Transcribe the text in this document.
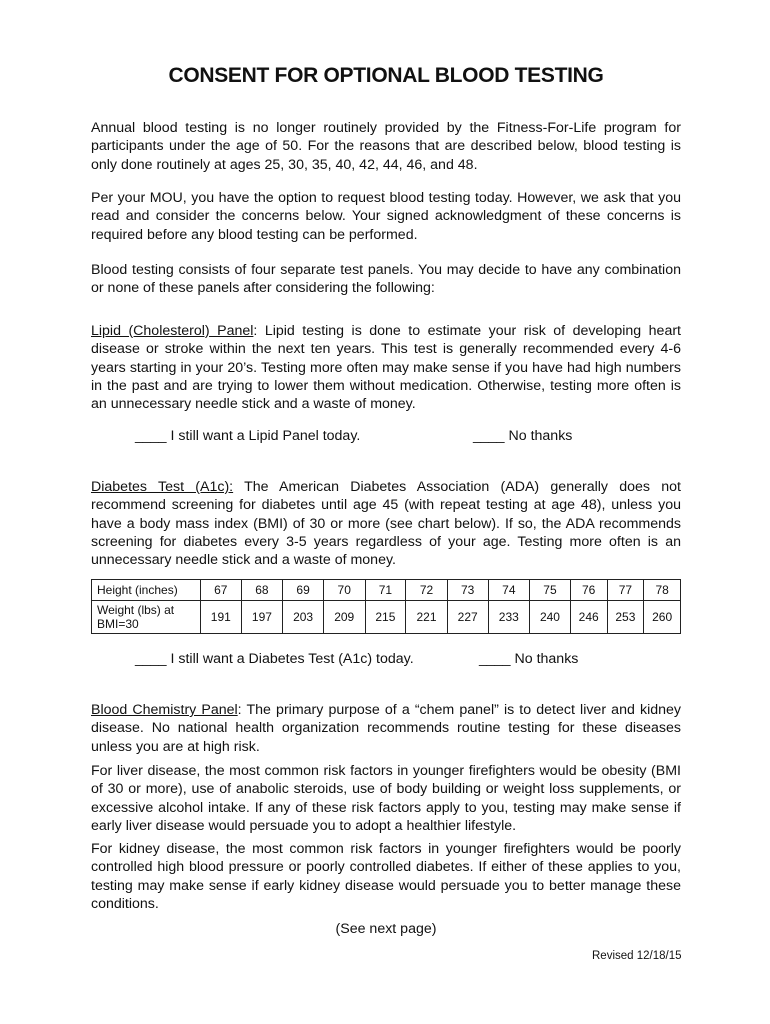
CONSENT FOR OPTIONAL BLOOD TESTING

Annual blood testing is no longer routinely provided by the Fitness-For-Life program for participants under the age of 50. For the reasons that are described below, blood testing is only done routinely at ages 25, 30, 35, 40, 42, 44, 46, and 48.

Per your MOU, you have the option to request blood testing today. However, we ask that you read and consider the concerns below. Your signed acknowledgment of these concerns is required before any blood testing can be performed.

Blood testing consists of four separate test panels. You may decide to have any combination or none of these panels after considering the following:

Lipid (Cholesterol) Panel: Lipid testing is done to estimate your risk of developing heart disease or stroke within the next ten years. This test is generally recommended every 4-6 years starting in your 20’s. Testing more often may make sense if you have had high numbers in the past and are trying to lower them without medication. Otherwise, testing more often is an unnecessary needle stick and a waste of money.

____ I still want a Lipid Panel today.	____ No thanks

Diabetes Test (A1c): The American Diabetes Association (ADA) generally does not recommend screening for diabetes until age 45 (with repeat testing at age 48), unless you have a body mass index (BMI) of 30 or more (see chart below). If so, the ADA recommends screening for diabetes every 3-5 years regardless of your age. Testing more often is an unnecessary needle stick and a waste of money.

Height (inches)	67	68	69	70	71	72	73	74	75	76	77	78
Weight (lbs) at BMI=30	191	197	203	209	215	221	227	233	240	246	253	260
____ I still want a Diabetes Test (A1c) today.	____ No thanks

Blood Chemistry Panel: The primary purpose of a “chem panel” is to detect liver and kidney disease. No national health organization recommends routine testing for these diseases unless you are at high risk.

For liver disease, the most common risk factors in younger firefighters would be obesity (BMI of 30 or more), use of anabolic steroids, use of body building or weight loss supplements, or excessive alcohol intake. If any of these risk factors apply to you, testing may make sense if early liver disease would persuade you to adopt a healthier lifestyle.

For kidney disease, the most common risk factors in younger firefighters would be poorly controlled high blood pressure or poorly controlled diabetes. If either of these applies to you, testing may make sense if early kidney disease would persuade you to better manage these conditions.

(See next page)
Revised 12/18/15
